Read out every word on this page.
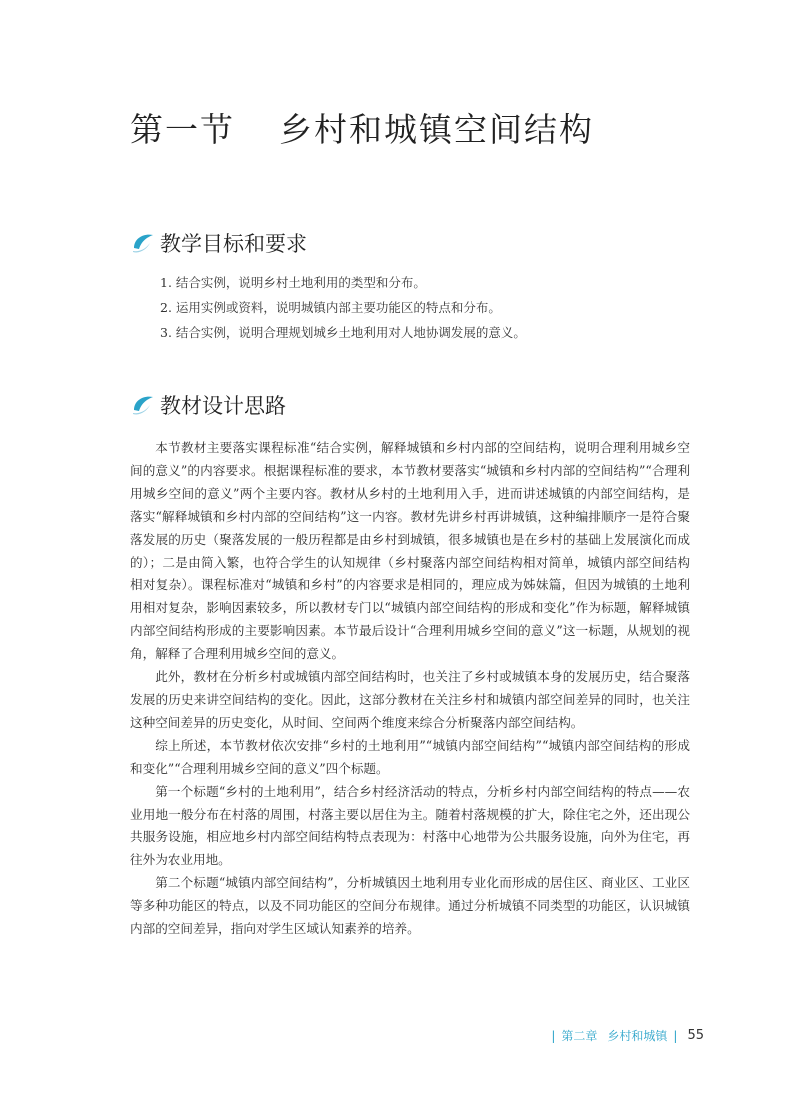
第一节 乡村和城镇空间结构
教学目标和要求
1. 结合实例，说明乡村土地利用的类型和分布。
2. 运用实例或资料，说明城镇内部主要功能区的特点和分布。
3. 结合实例，说明合理规划城乡土地利用对人地协调发展的意义。
教材设计思路

本节教材主要落实课程标准“结合实例，解释城镇和乡村内部的空间结构，说明合理利用城乡空间的意义”的内容要求。根据课程标准的要求，本节教材要落实“城镇和乡村内部的空间结构”“合理利用城乡空间的意义”两个主要内容。教材从乡村的土地利用入手，进而讲述城镇的内部空间结构，是落实“解释城镇和乡村内部的空间结构”这一内容。教材先讲乡村再讲城镇，这种编排顺序一是符合聚落发展的历史（聚落发展的一般历程都是由乡村到城镇，很多城镇也是在乡村的基础上发展演化而成的）；二是由简入繁，也符合学生的认知规律（乡村聚落内部空间结构相对简单，城镇内部空间结构相对复杂）。课程标准对“城镇和乡村”的内容要求是相同的，理应成为姊妹篇，但因为城镇的土地利用相对复杂，影响因素较多，所以教材专门以“城镇内部空间结构的形成和变化”作为标题，解释城镇内部空间结构形成的主要影响因素。本节最后设计“合理利用城乡空间的意义”这一标题，从规划的视角，解释了合理利用城乡空间的意义。

此外，教材在分析乡村或城镇内部空间结构时，也关注了乡村或城镇本身的发展历史，结合聚落发展的历史来讲空间结构的变化。因此，这部分教材在关注乡村和城镇内部空间差异的同时，也关注这种空间差异的历史变化，从时间、空间两个维度来综合分析聚落内部空间结构。

综上所述，本节教材依次安排“乡村的土地利用”“城镇内部空间结构”“城镇内部空间结构的形成和变化”“合理利用城乡空间的意义”四个标题。

第一个标题“乡村的土地利用”，结合乡村经济活动的特点，分析乡村内部空间结构的特点——农业用地一般分布在村落的周围，村落主要以居住为主。随着村落规模的扩大，除住宅之外，还出现公共服务设施，相应地乡村内部空间结构特点表现为：村落中心地带为公共服务设施，向外为住宅，再往外为农业用地。

第二个标题“城镇内部空间结构”，分析城镇因土地利用专业化而形成的居住区、商业区、工业区等多种功能区的特点，以及不同功能区的空间分布规律。通过分析城镇不同类型的功能区，认识城镇内部的空间差异，指向对学生区域认知素养的培养。

| 第二章 乡村和城镇 | 55
